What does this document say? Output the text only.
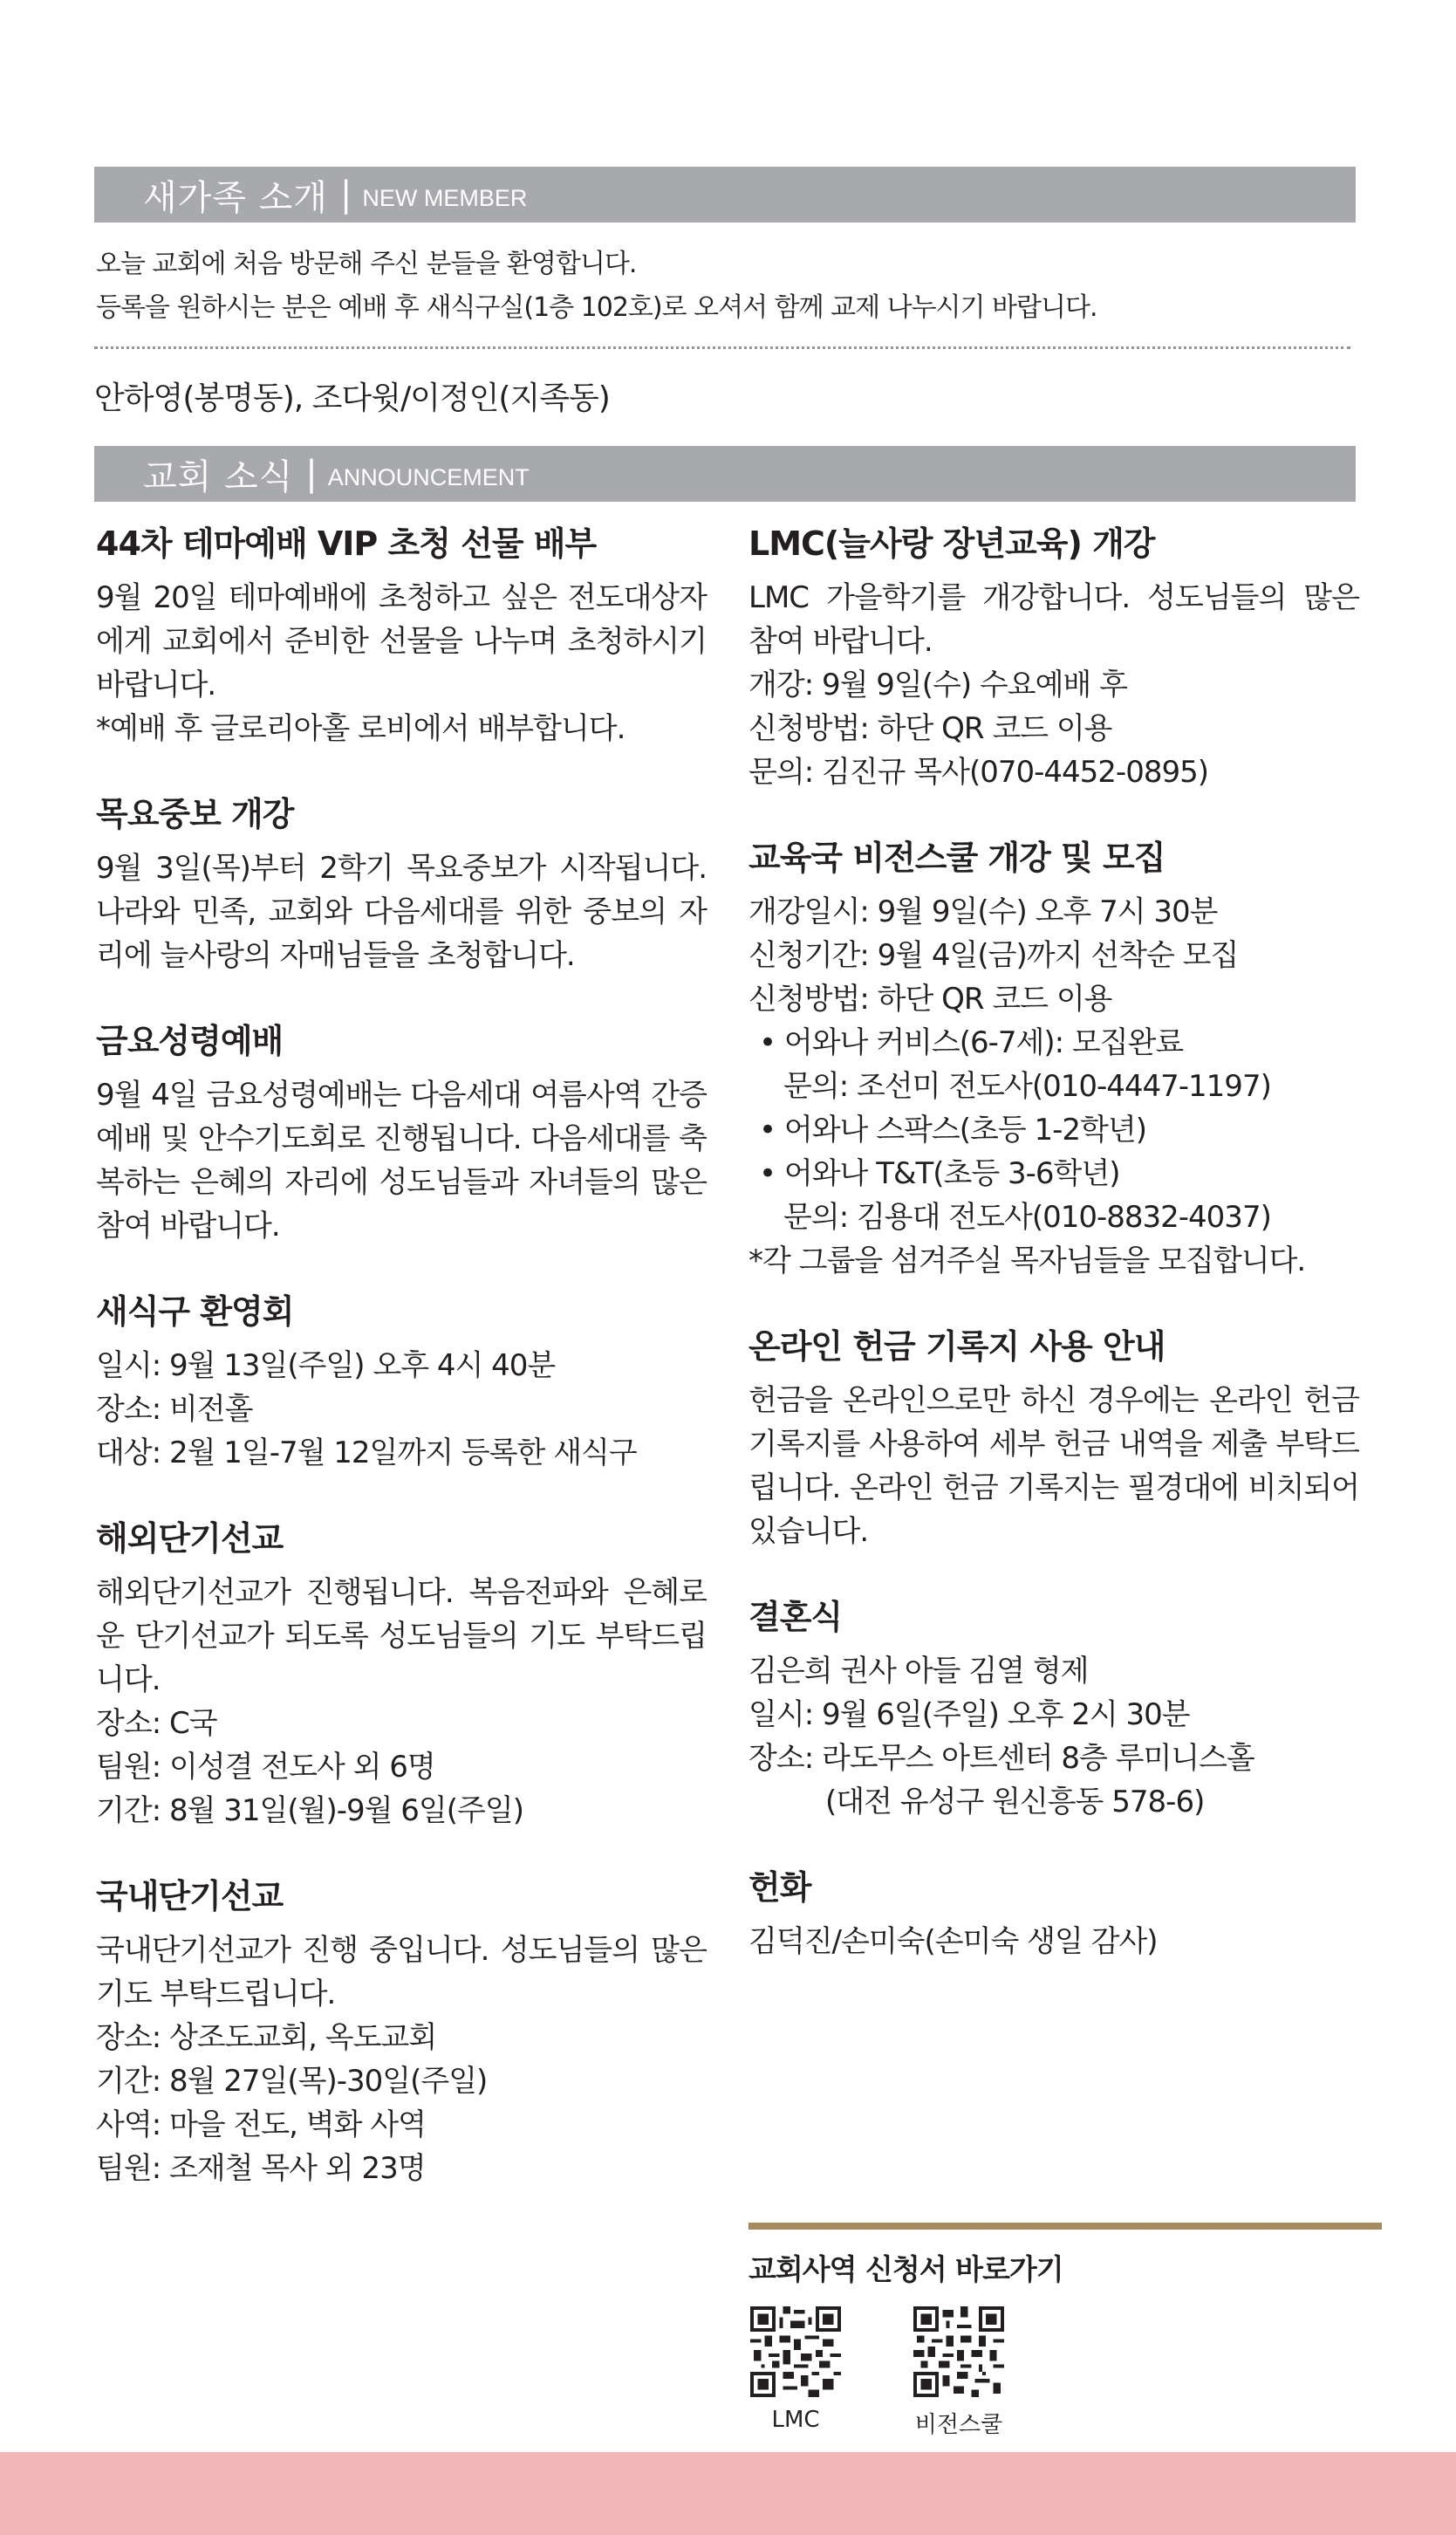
새가족 소개 | NEW MEMBER
오늘 교회에 처음 방문해 주신 분들을 환영합니다.
등록을 원하시는 분은 예배 후 새식구실(1층 102호)로 오셔서 함께 교제 나누시기 바랍니다.
안하영(봉명동), 조다윗/이정인(지족동)
교회 소식 | ANNOUNCEMENT
44차 테마예배 VIP 초청 선물 배부

9월 20일 테마예배에 초청하고 싶은 전도대상자에게 교회에서 준비한 선물을 나누며 초청하시기 바랍니다.

*예배 후 글로리아홀 로비에서 배부합니다.

목요중보 개강

9월 3일(목)부터 2학기 목요중보가 시작됩니다. 나라와 민족, 교회와 다음세대를 위한 중보의 자리에 늘사랑의 자매님들을 초청합니다.

금요성령예배

9월 4일 금요성령예배는 다음세대 여름사역 간증예배 및 안수기도회로 진행됩니다. 다음세대를 축복하는 은혜의 자리에 성도님들과 자녀들의 많은 참여 바랍니다.

새식구 환영회

일시: 9월 13일(주일) 오후 4시 40분

장소: 비전홀

대상: 2월 1일-7월 12일까지 등록한 새식구

해외단기선교

해외단기선교가 진행됩니다. 복음전파와 은혜로운 단기선교가 되도록 성도님들의 기도 부탁드립니다.

장소: C국

팀원: 이성결 전도사 외 6명

기간: 8월 31일(월)-9월 6일(주일)

국내단기선교

국내단기선교가 진행 중입니다. 성도님들의 많은 기도 부탁드립니다.

장소: 상조도교회, 옥도교회

기간: 8월 27일(목)-30일(주일)

사역: 마을 전도, 벽화 사역

팀원: 조재철 목사 외 23명

LMC(늘사랑 장년교육) 개강

LMC 가을학기를 개강합니다. 성도님들의 많은 참여 바랍니다.

개강: 9월 9일(수) 수요예배 후

신청방법: 하단 QR 코드 이용

문의: 김진규 목사(070-4452-0895)

교육국 비전스쿨 개강 및 모집

개강일시: 9월 9일(수) 오후 7시 30분

신청기간: 9월 4일(금)까지 선착순 모집

신청방법: 하단 QR 코드 이용

• 어와나 커비스(6-7세): 모집완료

문의: 조선미 전도사(010-4447-1197)

• 어와나 스팍스(초등 1-2학년)

• 어와나 T&T(초등 3-6학년)

문의: 김용대 전도사(010-8832-4037)

*각 그룹을 섬겨주실 목자님들을 모집합니다.

온라인 헌금 기록지 사용 안내

헌금을 온라인으로만 하신 경우에는 온라인 헌금 기록지를 사용하여 세부 헌금 내역을 제출 부탁드립니다. 온라인 헌금 기록지는 필경대에 비치되어 있습니다.

결혼식

김은희 권사 아들 김열 형제

일시: 9월 6일(주일) 오후 2시 30분

장소: 라도무스 아트센터 8층 루미니스홀

(대전 유성구 원신흥동 578-6)

헌화

김덕진/손미숙(손미숙 생일 감사)

교회사역 신청서 바로가기
LMC	비전스쿨
